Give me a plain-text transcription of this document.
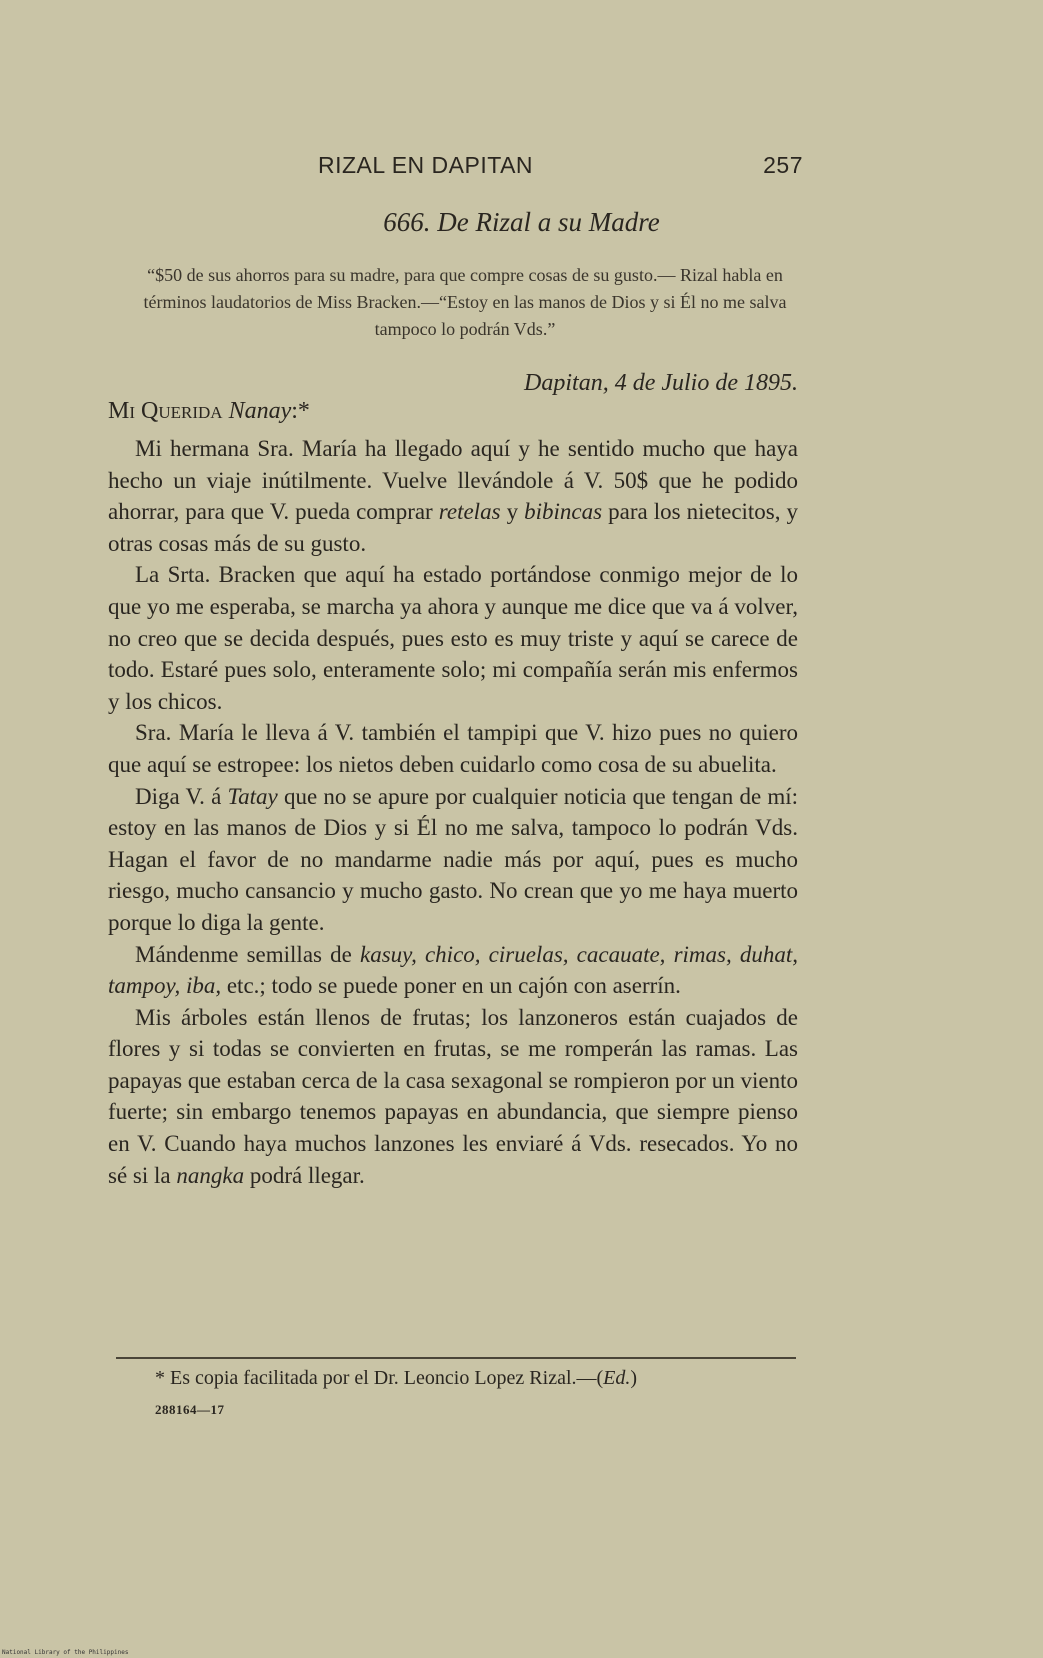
RIZAL EN DAPITAN	257
666. De Rizal a su Madre
“$50 de sus ahorros para su madre, para que compre cosas de su gusto.— Rizal habla en términos laudatorios de Miss Bracken.—“Estoy en las manos de Dios y si Él no me salva tampoco lo podrán Vds.”
Dapitan, 4 de Julio de 1895.
Mi Querida Nanay:*

Mi hermana Sra. María ha llegado aquí y he sentido mucho que haya hecho un viaje inútilmente. Vuelve llevándole á V. 50$ que he podido ahorrar, para que V. pueda comprar retelas y bibincas para los nietecitos, y otras cosas más de su gusto.

La Srta. Bracken que aquí ha estado portándose conmigo mejor de lo que yo me esperaba, se marcha ya ahora y aunque me dice que va á volver, no creo que se decida después, pues esto es muy triste y aquí se carece de todo. Estaré pues solo, enteramente solo; mi compañía serán mis enfermos y los chicos.

Sra. María le lleva á V. también el tampipi que V. hizo pues no quiero que aquí se estropee: los nietos deben cuidarlo como cosa de su abuelita.

Diga V. á Tatay que no se apure por cualquier noticia que tengan de mí: estoy en las manos de Dios y si Él no me salva, tampoco lo podrán Vds. Hagan el favor de no mandarme nadie más por aquí, pues es mucho riesgo, mucho cansancio y mucho gasto. No crean que yo me haya muerto porque lo diga la gente.

Mándenme semillas de kasuy, chico, ciruelas, cacauate, rimas, duhat, tampoy, iba, etc.; todo se puede poner en un cajón con aserrín.

Mis árboles están llenos de frutas; los lanzoneros están cuajados de flores y si todas se convierten en frutas, se me romperán las ramas. Las papayas que estaban cerca de la casa sexagonal se rompieron por un viento fuerte; sin embargo tenemos papayas en abundancia, que siempre pienso en V. Cuando haya muchos lanzones les enviaré á Vds. resecados. Yo no sé si la nangka podrá llegar.

* Es copia facilitada por el Dr. Leoncio Lopez Rizal.—(Ed.)
288164—17
National Library of the Philippines
